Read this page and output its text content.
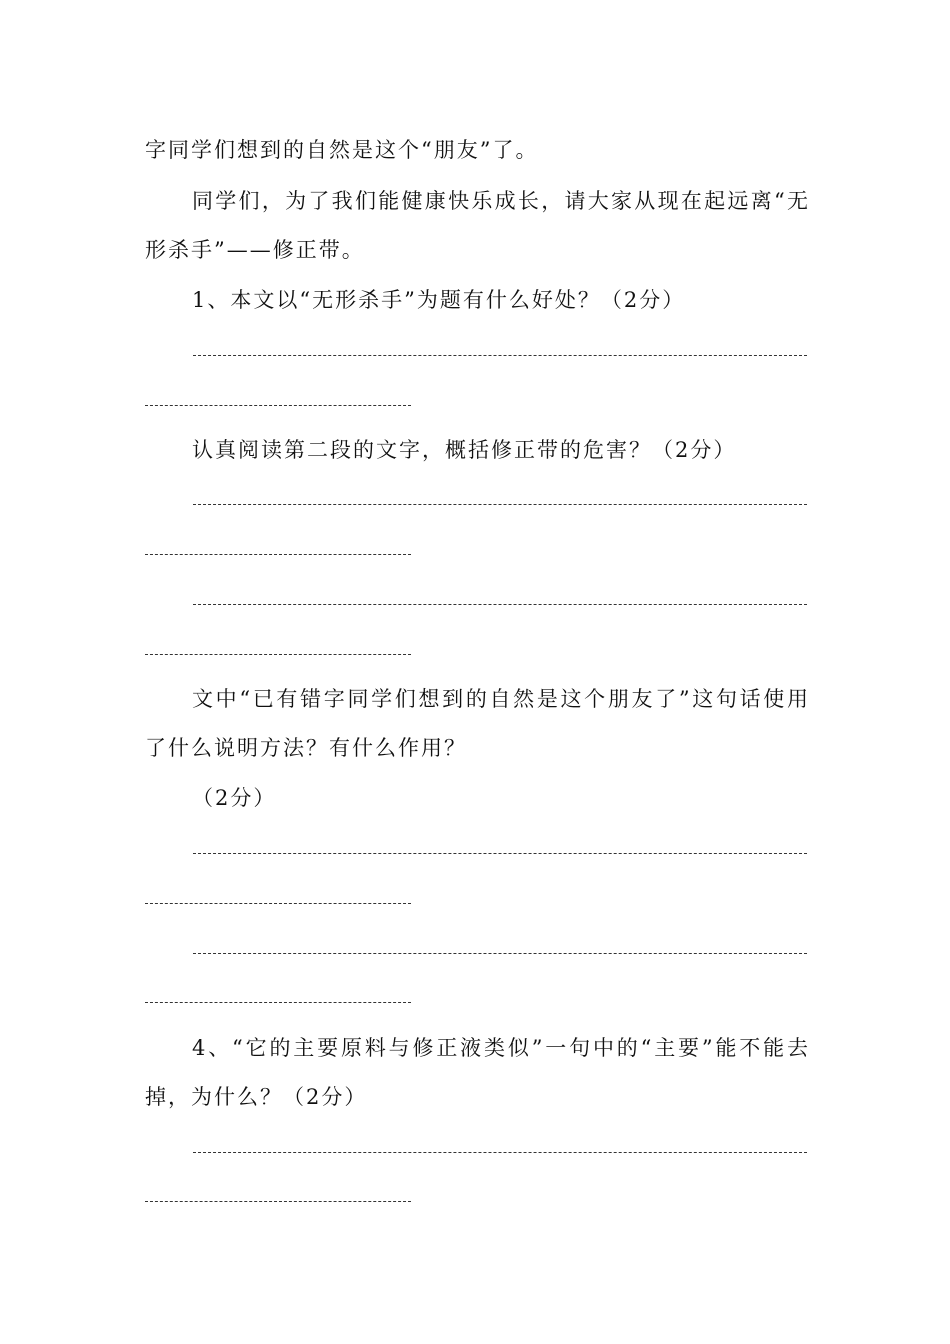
字同学们想到的自然是这个“朋友”了。
同学们，为了我们能健康快乐成长，请大家从现在起远离“无
形杀手”——修正带。
1、本文以“无形杀手”为题有什么好处？（2分）
认真阅读第二段的文字，概括修正带的危害？（2分）
文中“已有错字同学们想到的自然是这个朋友了”这句话使用
了什么说明方法？有什么作用？
（2分）
4、“它的主要原料与修正液类似”一句中的“主要”能不能去
掉，为什么？（2分）
